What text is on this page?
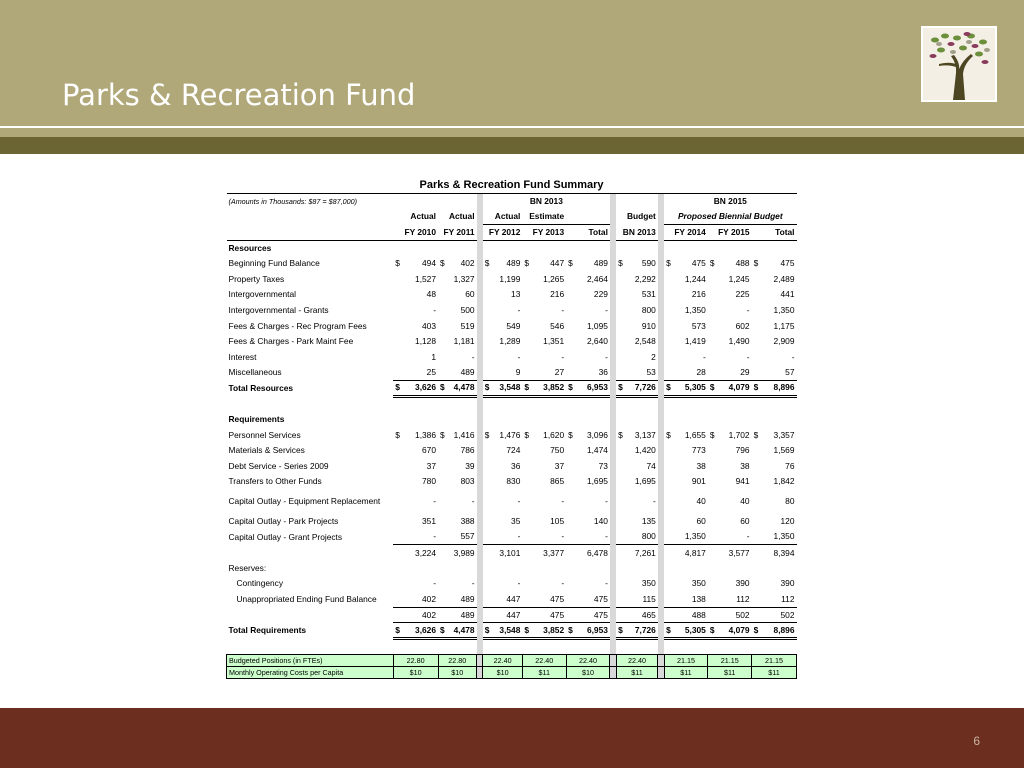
Parks & Recreation Fund
Parks & Recreation Fund Summary
(Amounts in Thousands: $87 = $87,000)				BN 2013						BN 2015		
	Actual	Actual		Actual	Estimate			Budget		Proposed Biennial Budget		
	FY 2010	FY 2011		FY 2012	FY 2013	Total		BN 2013		FY 2014	FY 2015	Total
Resources												
Beginning Fund Balance	$ 494	$ 402		$ 489	$ 447	$ 489		$ 590		$ 475	$ 488	$ 475
Property Taxes	1,527	1,327		1,199	1,265	2,464		2,292		1,244	1,245	2,489
Intergovernmental	48	60		13	216	229		531		216	225	441
Intergovernmental - Grants	-	500		-	-	-		800		1,350	-	1,350
Fees & Charges - Rec Program Fees	403	519		549	546	1,095		910		573	602	1,175
Fees & Charges - Park Maint Fee	1,128	1,181		1,289	1,351	2,640		2,548		1,419	1,490	2,909
Interest	1	-		-	-	-		2		-	-	-
Miscellaneous	25	489		9	27	36		53		28	29	57
Total Resources	$ 3,626	$ 4,478		$ 3,548	$ 3,852	$ 6,953		$ 7,726		$ 5,305	$ 4,079	$ 8,896

Requirements												
Personnel Services	$ 1,386	$ 1,416		$ 1,476	$ 1,620	$ 3,096		$ 3,137		$ 1,655	$ 1,702	$ 3,357
Materials & Services	670	786		724	750	1,474		1,420		773	796	1,569
Debt Service - Series 2009	37	39		36	37	73		74		38	38	76
Transfers to Other Funds	780	803		830	865	1,695		1,695		901	941	1,842
Capital Outlay - Equipment Replacement	-	-		-	-	-		-		40	40	80
Capital Outlay - Park Projects	351	388		35	105	140		135		60	60	120
Capital Outlay - Grant Projects	-	557		-	-	-		800		1,350	-	1,350
	3,224	3,989		3,101	3,377	6,478		7,261		4,817	3,577	8,394
Reserves:												
Contingency	-	-		-	-	-		350		350	390	390
Unappropriated Ending Fund Balance	402	489		447	475	475		115		138	112	112
	402	489		447	475	475		465		488	502	502
Total Requirements	$ 3,626	$ 4,478		$ 3,548	$ 3,852	$ 6,953		$ 7,726		$ 5,305	$ 4,079	$ 8,896

Budgeted Positions (in FTEs)	22.80	22.80		22.40	22.40	22.40		22.40		21.15	21.15	21.15
Monthly Operating Costs per Capita	$10	$10		$10	$11	$10		$11		$11	$11	$11
6
